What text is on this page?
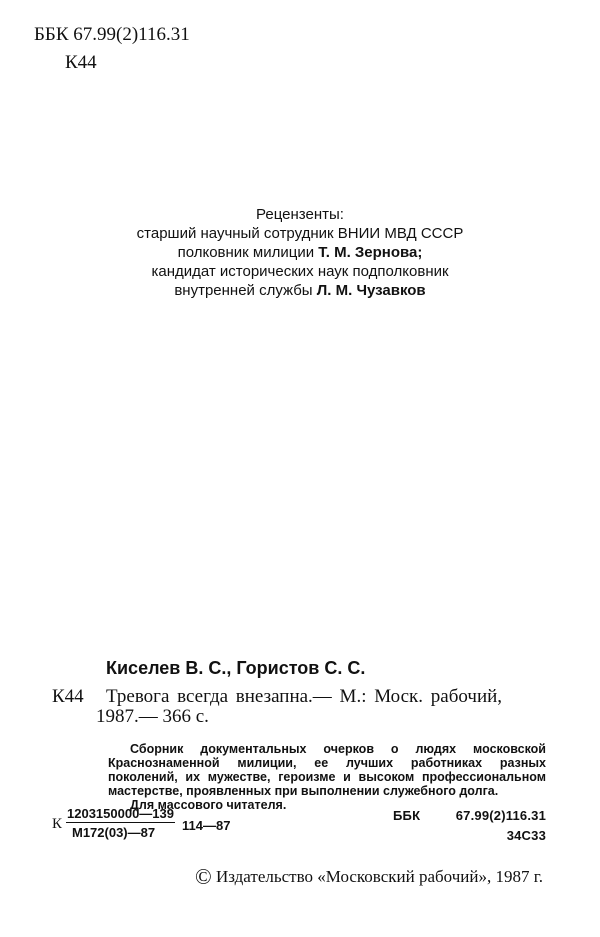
ББК 67.99(2)116.31
К44
Рецензенты:
старший научный сотрудник ВНИИ МВД СССР
полковник милиции Т. М. Зернова;
кандидат исторических наук подполковник
внутренней службы Л. М. Чузавков
Киселев В. С., Гористов С. С.
К44 Тревога всегда внезапна.— М.: Моск. рабочий,
1987.— 366 с.

Сборник документальных очерков о людях московской Краснознаменной милиции, ее лучших работниках разных поколений, их мужестве, героизме и высоком профессиональном мастерстве, проявленных при выполнении служебного долга.

Для массового читателя.

К
1203150000—139
М172(03)—87 114—87
ББК	67.99(2)116.31
34С33
© Издательство «Московский рабочий», 1987 г.
